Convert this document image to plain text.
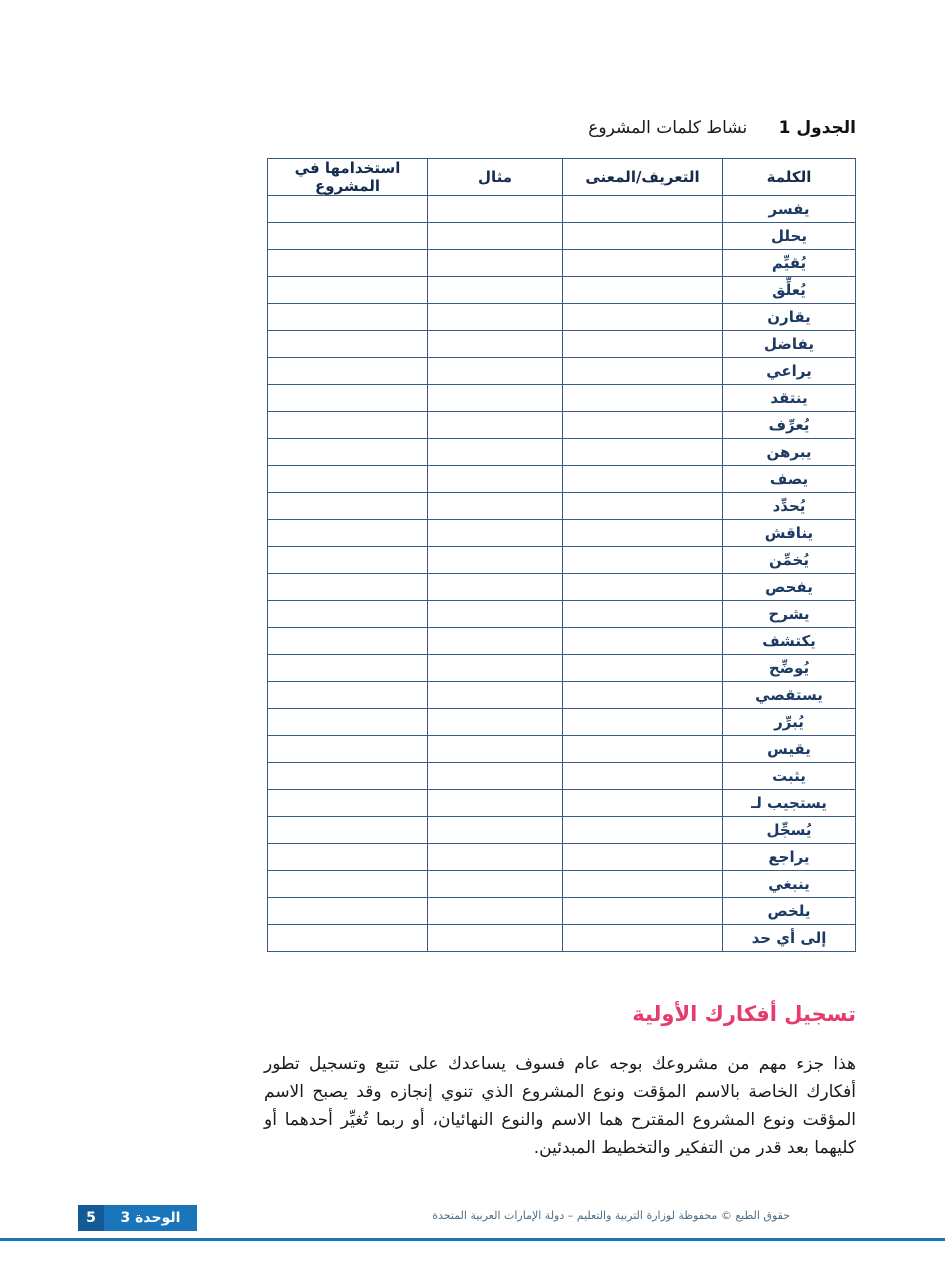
الجدول 1 نشاط كلمات المشروع
الكلمة	التعريف/المعنى	مثال	استخدامها في المشروع
يفسر			
يحلل			
يُقيِّم			
يُعلِّق			
يقارن			
يفاضل			
يراعي			
ينتقد			
يُعرِّف			
يبرهن			
يصف			
يُحدِّد			
يناقش			
يُخمِّن			
يفحص			
يشرح			
يكتشف			
يُوضِّح			
يستقصي			
يُبرِّر			
يقيس			
يثبت			
يستجيب لـ			
يُسجِّل			
يراجع			
ينبغي			
يلخص			
إلى أي حد			
تسجيل أفكارك الأولية
هذا جزء مهم من مشروعك بوجه عام فسوف يساعدك على تتبع وتسجيل تطور أفكارك الخاصة بالاسم المؤقت ونوع المشروع الذي تنوي إنجازه وقد يصبح الاسم المؤقت ونوع المشروع المقترح هما الاسم والنوع النهائيان، أو ربما تُغيِّر أحدهما أو كليهما بعد قدر من التفكير والتخطيط المبدئين.
الوحدة 3
5	حقوق الطبع © محفوظة لوزارة التربية والتعليم – دولة الإمارات العربية المتحدة
